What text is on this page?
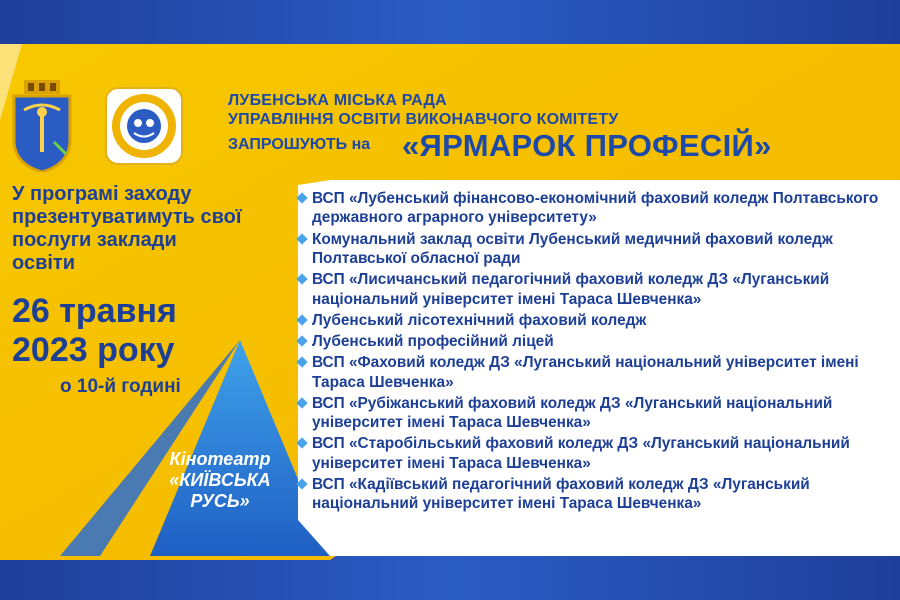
ЛУБЕНСЬКА МІСЬКА РАДА

УПРАВЛІННЯ ОСВІТИ ВИКОНАВЧОГО КОМІТЕТУ

ЗАПРОШУЮТЬ на «ЯРМАРОК ПРОФЕСІЙ»

У програмі заходу презентуватимуть свої послуги заклади освіти

26 травня 2023 року

о 10-й годині

Кінотеатр «КИЇВСЬКА РУСЬ»

ВСП «Лубенський фінансово-економічний фаховий коледж Полтавського державного аграрного університету»
Комунальний заклад освіти Лубенський медичний фаховий коледж Полтавської обласної ради
ВСП «Лисичанський педагогічний фаховий коледж ДЗ «Луганський національний університет імені Тараса Шевченка»
Лубенський лісотехнічний фаховий коледж
Лубенський професійний ліцей
ВСП «Фаховий коледж ДЗ «Луганський національний університет імені Тараса Шевченка»
ВСП «Рубіжанський фаховий коледж ДЗ «Луганський національний університет імені Тараса Шевченка»
ВСП «Старобільський фаховий коледж ДЗ «Луганський національний університет імені Тараса Шевченка»
ВСП «Кадіївський педагогічний фаховий коледж ДЗ «Луганський національний університет імені Тараса Шевченка»
